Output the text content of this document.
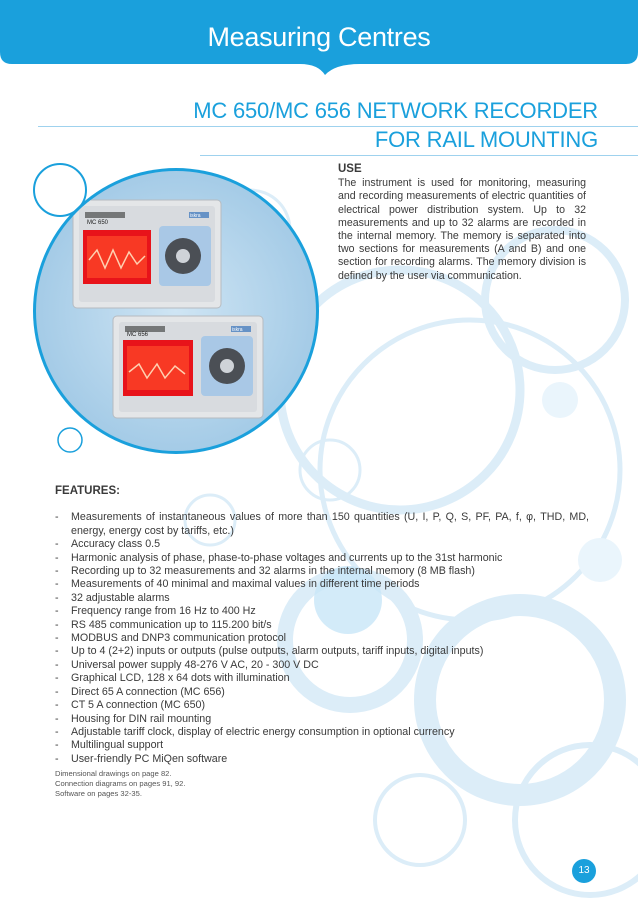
Measuring Centres
MC 650/MC 656 NETWORK RECORDER
FOR RAIL MOUNTING
MC 650
MC 656
iskra
iskra
USE
The instrument is used for monitoring, measuring and recording measurements of electric quantities of electrical power distribution system. Up to 32 measurements and up to 32 alarms are recorded in the internal memory. The memory is separated into two sections for measurements (A and B) and one section for recording alarms. The memory division is defined by the user via communication.
FEATURES:
- Measurements of instantaneous values of more than 150 quantities (U, I, P, Q, S, PF, PA, f, φ, THD, MD, energy, energy cost by tariffs, etc.)
- Accuracy class 0.5
- Harmonic analysis of phase, phase-to-phase voltages and currents up to the 31st harmonic
- Recording up to 32 measurements and 32 alarms in the internal memory (8 MB flash)
- Measurements of 40 minimal and maximal values in different time periods
- 32 adjustable alarms
- Frequency range from 16 Hz to 400 Hz
- RS 485 communication up to 115.200 bit/s
- MODBUS and DNP3 communication protocol
- Up to 4 (2+2) inputs or outputs (pulse outputs, alarm outputs, tariff inputs, digital inputs)
- Universal power supply 48-276 V AC, 20 - 300 V DC
- Graphical LCD, 128 x 64 dots with illumination
- Direct 65 A connection (MC 656)
- CT 5 A connection (MC 650)
- Housing for DIN rail mounting
- Adjustable tariff clock, display of electric energy consumption in optional currency
- Multilingual support
- User-friendly PC MiQen software
Dimensional drawings on page 82.
Connection diagrams on pages 91, 92.
Software on pages 32-35.
13
